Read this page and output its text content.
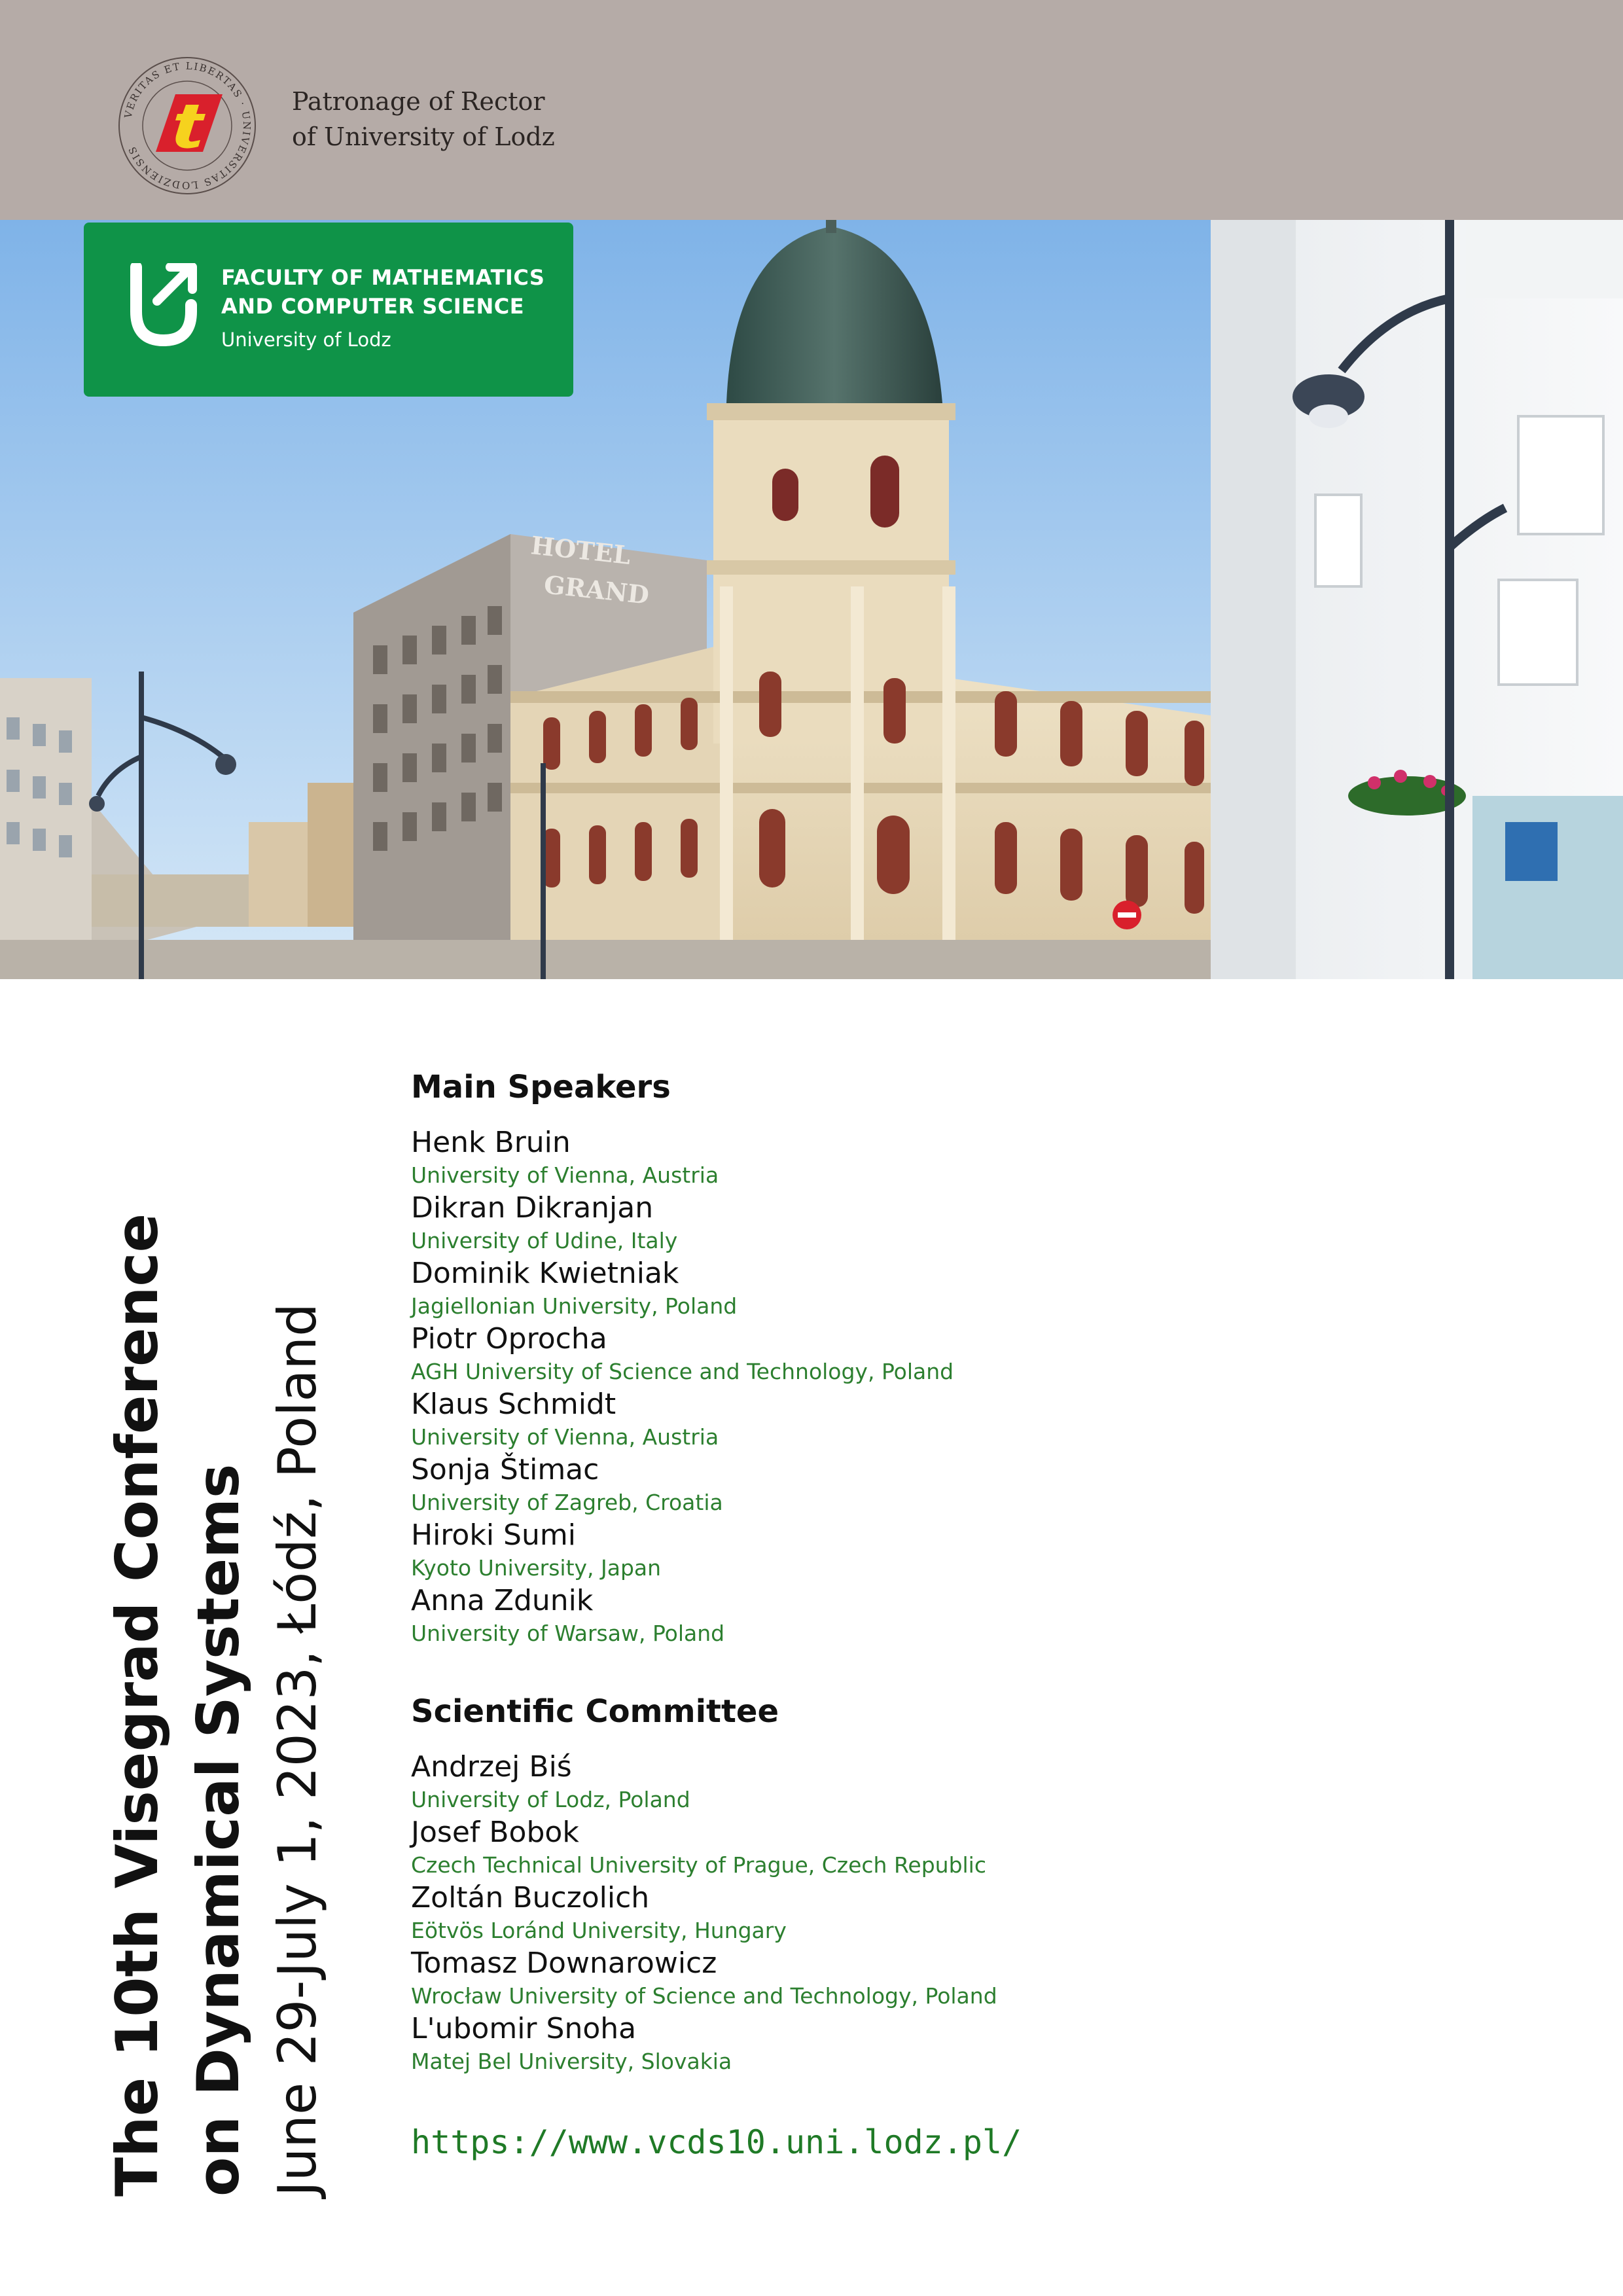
VERITAS ET LIBERTAS · UNIVERSITAS LODZIENSIS
Patronage of Rector
of University of Lodz
HOTEL
GRAND
FACULTY OF MATHEMATICS
AND COMPUTER SCIENCE
University of Lodz
The 10th Visegrad Conference on Dynamical Systems June 29-July 1, 2023, Łódź, Poland
Main Speakers
Henk Bruin
University of Vienna, Austria
Dikran Dikranjan
University of Udine, Italy
Dominik Kwietniak
Jagiellonian University, Poland
Piotr Oprocha
AGH University of Science and Technology, Poland
Klaus Schmidt
University of Vienna, Austria
Sonja Štimac
University of Zagreb, Croatia
Hiroki Sumi
Kyoto University, Japan
Anna Zdunik
University of Warsaw, Poland
Scientific Committee
Andrzej Biś
University of Lodz, Poland
Josef Bobok
Czech Technical University of Prague, Czech Republic
Zoltán Buczolich
Eötvös Loránd University, Hungary
Tomasz Downarowicz
Wrocław University of Science and Technology, Poland
L'ubomir Snoha
Matej Bel University, Slovakia
https://www.vcds10.uni.lodz.pl/
